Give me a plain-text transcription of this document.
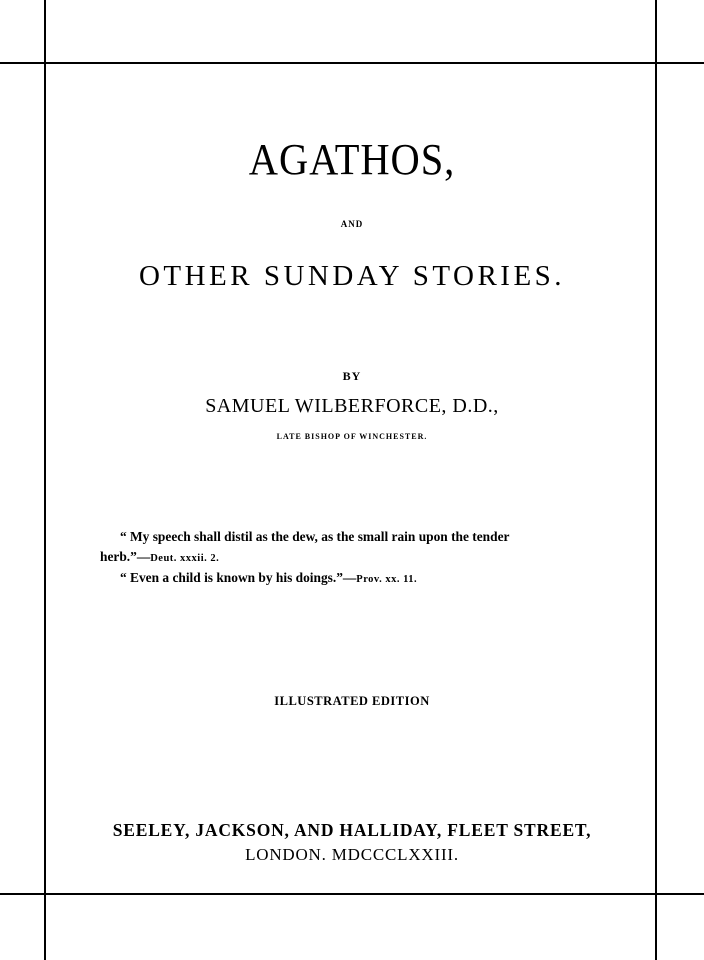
AGATHOS,
AND
OTHER SUNDAY STORIES.
BY
SAMUEL WILBERFORCE, D.D.,
LATE BISHOP OF WINCHESTER.
“ My speech shall distil as the dew, as the small rain upon the tender
herb.”—Deut. xxxii. 2.
“ Even a child is known by his doings.”—Prov. xx. 11.
ILLUSTRATED EDITION
SEELEY, JACKSON, AND HALLIDAY, FLEET STREET,
LONDON. MDCCCLXXIII.
